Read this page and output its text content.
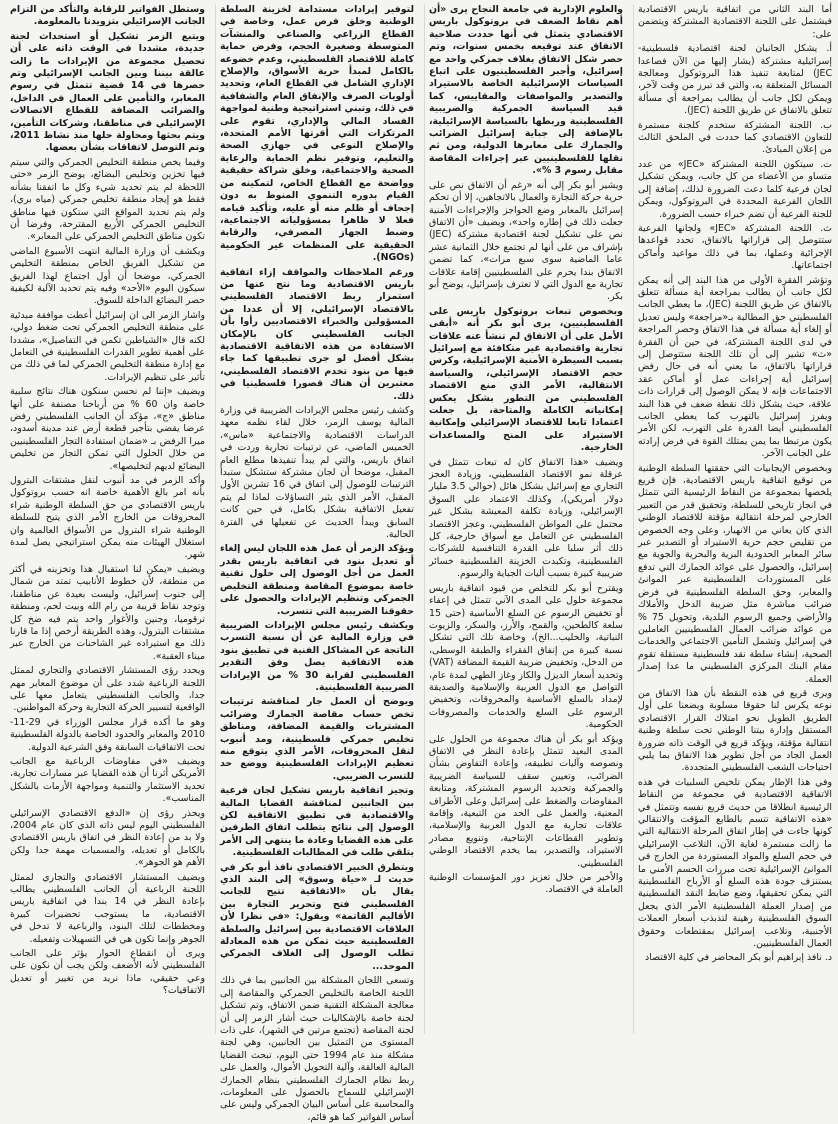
أما البند الثاني من اتفاقية باريس الاقتصادية فيشتمل على اللجنة الاقتصادية المشتركة ويتضمن على:

أ. يشكل الجانبان لجنة اقتصادية فلسطينية-إسرائيلية مشتركة (يشار إليها من الآن فصاعدا JEC) لمتابعة تنفيذ هذا البروتوكول ومعالجة المسائل المتعلقة به، والتي قد تبرز من وقت لآخر، ويمكن لكل جانب أن يطالب بمراجعة أي مسألة تتعلق بالاتفاق عن طريق اللجنة (JEC).

ب. اللجنة المشتركة ستخدم كلجنة مستمرة للتعاون الاقتصادي كما حددت في الملحق الثالث من إعلان المبادئ.

ت. سيتكون اللجنة المشتركة «JEC» من عدد متساو من الأعضاء من كل جانب، ويمكن تشكيل لجان فرعية كلما دعت الضرورة لذلك، إضافة إلى اللجان الفرعية المحددة في البروتوكول، ويمكن للجنة الفرعية أن تضم خبراء حسب الضرورة.

ث. اللجنة المشتركة «JEC» ولجانها الفرعية ستتوصل إلى قراراتها بالاتفاق، تحدد قواعدها الإجرائية وعملها، بما في ذلك مواعيد وأماكن اجتماعاتها.

وتؤشر الفقرة الأولى من هذا البند إلى أنه يمكن لكل جانب أن يطالب بمراجعة أية مسألة تتعلق بالاتفاق عن طريق اللجنة (JEC)، ما يعطي الجانب الفلسطيني حق المطالبة بـ«مراجعة» وليس تعديل أو إلغاء أية مسألة في هذا الاتفاق وحصر المراجعة في لدى اللجنة المشتركة، في حين أن الفقرة «ث» تشير إلى أن تلك اللجنة ستتوصل إلى قراراتها بالاتفاق، ما يعني أنه في حال رفض إسرائيل أية إجراءات عمل أو أماكن عقد الاجتماعات فإنه لا يمكن الوصول إلى قرارات ذات علاقة، حيث يشكل ذلك نقطة ضعف في هذا البند ويفرز إسرائيل بالتهرب كما يعطي الجانب الفلسطيني أيضا القدرة على التهرب، لكن الأمر يكون مرتبطا بما يمن يمتلك القوة في فرض إرادته على الجانب الآخر.

وبخصوص الإيجابيات التي حققتها السلطة الوطنية من توقيع اتفاقية باريس الاقتصادية، فإن قريع يلخصها بمجموعة من النقاط الرئيسية التي تتمثل في انجاز تاريخي للسلطة، وتحقيق قدر من التعبير الخارجي لمرحلة انتقالية مؤقتة للاقتصاد الوطني الذي كان يعاني من الانهيار، وعلى وجه الخصوص من تقليص حجم حرية الاستيراد أو التصدير عبر سائر المعابر الحدودية البرية والبحرية والجوية مع إسرائيل، والحصول على عوائد الجمارك التي تدفع على المستوردات الفلسطينية عبر الموانئ والمعابر، وحق السلطة الفلسطينية في فرض ضرائب مباشرة مثل ضريبة الدخل والأملاك والأراضي وجميع الرسوم البلدية، وتحويل 75 % من عوائد ضرائب العمال الفلسطينيين العاملين في إسرائيل وتشمل التأمين الاجتماعي والخدمات الصحية، إنشاء سلطة نقد فلسطينية مستقلة تقوم مقام البنك المركزي الفلسطيني ما عدا إصدار العملة.

ويرى قريع في هذه النقطة بأن هذا الاتفاق من نوعه يكرس لنا حقوقا مسلوبة ويضعنا على أول الطريق الطويل نحو امتلاك القرار الاقتصادي المستقل وإدارة بيتنا الوطني تحت سلطة وطنية انتقالية مؤقتة، ويؤكد قريع في الوقت ذاته ضرورة العمل الجاد من أجل تطوير هذا الاتفاق بما يلبي احتياجات الشعب الفلسطيني المتجددة.

وفي هذا الإطار يمكن تلخيص السلبيات في هذه الاتفاقية الاقتصادية في مجموعة من النقاط الرئيسية انطلاقا من حديث قريع نفسه وتتمثل في «هذه الاتفاقية تتسم بالطابع المؤقت والانتقالي كونها جاءت في إطار اتفاق المرحلة الانتقالية التي ما زالت مستمرة لغاية الآن، التلاعب الإسرائيلي في حجم السلع والمواد المستوردة من الخارج في الموانئ الإسرائيلية تحت مبررات الحسم الأمني ما يستنزف جودة هذه السلع أو الأرباح الفلسطينية التي يمكن تحقيقها، وضع ضابط النقد الفلسطينية من إصدار العملة الفلسطينية الأمر الذي يجعل السوق الفلسطينية رهينة لتذبذب أسعار العملات الأجنبية، وتلاعب إسرائيل بمقتطعات وحقوق العمال الفلسطينيين.

د. نافذ إبراهيم أبو بكر المحاضر في كلية الاقتصاد

والعلوم الإدارية في جامعة النجاح يرى «أن أهم نقاط الضعف في بروتوكول باريس الاقتصادي يتمثل في أنها حددت صلاحية الاتفاق عند توقيعه بخمس سنوات، وتم حصر شكل الاتفاق بغلاف جمركي واحد مع إسرائيل، وأجبر الفلسطينيون على اتباع السياسات الإسرائيلية الخاصة بالاستيراد والتصدير والمواصفات والمقاييس، كما قيد السياسة الجمركية والضريبية الفلسطينية وربطها بالسياسة الإسرائيلية، بالإضافة إلى جباية إسرائيل الضرائب والجمارك على معابرها الدولية، ومن ثم نقلها للفلسطينيين عبر إجراءات المقاصة مقابل رسوم 3 %».

ويشير أبو بكر إلى أنه «رغم أن الاتفاق نص على حرية حركة التجارة والعمال بالاتجاهين، إلا أن تحكم إسرائيل بالمعابر وضع الحواجز والإجراءات الأمنية جعلت ذلك في إطاره واحد»، ويضيف «أن الاتفاق نص على تشكيل لجنة اقتصادية مشتركة (JEC) بإشراف من على أنها لم تجتمع خلال الثمانية عشر عاما الماضية سوى سبع مرات»، كما تضمن الاتفاق بندا يحرم على الفلسطينيين إقامة علاقات تجارية مع الدول التي لا تعترف بإسرائيل، يوضح أبو بكر.

وبخصوص تبعات بروتوكول باريس على الفلسطينيين، يرى أبو بكر أنه «أبقى الأمل على أن الاتفاق لم تنشأ عنه علاقات تجارية واقتصادية غير متكافئة مع إسرائيل بسبب السيطرة الأمنية الإسرائيلية، وكرس حجم الاقتصاد الإسرائيلي، والسياسة الانتقالية، الأمر الذي منع الاقتصاد الفلسطيني من التطور بشكل يعكس إمكانياته الكاملة والمتاحة، بل جعلت اعتمادا تابعا للاقتصاد الإسرائيلي وإمكانية الاستيراد على المنح والمساعدات الخارجية.

ويضيف «هذا الاتفاق كان له تبعات تتمثل في عرقلة نمو الاقتصاد الفلسطيني، وزيادة العجز التجاري مع إسرائيل بشكل هائل (حوالي 3.5 مليار دولار أمريكي)، وكذلك الاعتماد على السوق الإسرائيلي، وزيادة تكلفة المعيشة بشكل غير محتمل على المواطن الفلسطيني، وعجز الاقتصاد الفلسطيني عن التعامل مع أسواق خارجية، كل ذلك أثر سلبا على القدرة التنافسية للشركات الفلسطينية، وتكبدت الخزينة الفلسطينية خسائر ضريبية كبيرة بسبب أليات الجباية والرسوم.

ويقترح أبو بكر للتخلص من قيود اتفاقية باريس مجموعة حلول على المدى الآني تتمثل في إعفاء أو تخفيض الرسوم عن السلع الأساسية (حتى 15 سلعة كالطحين، والقمح، والأرز، والسكر، والزيوت النباتية، والحليب...الخ)، وخاصة تلك التي تشكل نسبة كبيرة من إنفاق الفقراء والطبقة الوسطى، من الدخل، وتخفيض ضريبة القيمة المضافة (VAT) وتحديد أسعار الديزل والكاز وغاز الطهي لمدة عام، التواصل مع الدول العربية والإسلامية والصديقة لإمداد بالسلع الأساسية والمحروقات، وتخفيض الرسوم على السلع والخدمات والمصروفات الحكومية.

ويؤكد أبو بكر أن هناك مجموعة من الحلول على المدى البعيد تتمثل بإعادة النظر في الاتفاق ونصوصه وآليات تطبيقه، وإعادة التفاوض بشأن الضرائب، وتعيين سقف للسياسة الضريبية والجمركية وتحديد الرسوم المشتركة، ومتابعة المفاوضات والضغط على إسرائيل وعلى الأطراف المعنية، والعمل على الحد من التبعية، وإقامة علاقات تجارية مع الدول العربية والإسلامية، وتطوير القطاعات الإنتاجية، وتنويع مصادر الاستيراد، والتصدير، بما يخدم الاقتصاد الوطني الفلسطيني.

والأخير من خلال تعزيز دور المؤسسات الوطنية العاملة في الاقتصاد.

لتوفير إيرادات مستدامة لخزينة السلطة الوطنية وخلق فرص عمل، وخاصة في القطاع الزراعي والصناعي والمنشآت المتوسطة وصغيرة الحجم، وفرض حماية كاملة للاقتصاد الفلسطيني، وعدم خضوعه بالكامل لمبدأ حرية الأسواق، والإصلاح الإداري الشامل في القطاع العام، وتحديد أولويات الصرف والإنفاق العام والشفافية في ذلك، وتبني استراتيجية وطنية لمواجهة الفساد المالي والإداري، تقوم على المرتكزات التي أقرتها الأمم المتحدة، والإصلاح النوعي في جهازي الصحة والتعليم، وتوفير نظم الحماية والرعاية الصحية والاجتماعية، وخلق شراكة حقيقية وواضحة مع القطاع الخاص، لتمكينه من القيام بدوره التنموي المنوط به دون إجحاف أو ظلم منه أو عليه، وتأكيد قيامه فعلا لا ظاهرا بمسؤولياته الاجتماعية، وضبط الجهاز المصرفي، والرقابة الحقيقية على المنظمات غير الحكومية (NGOs).

ورغم الملاحظات والمواقف إزاء اتفاقية باريس الاقتصادية وما نتج عنها من استمرار ربط الاقتصاد الفلسطيني بالاقتصاد الإسرائيلي، إلا أن عددا من المسؤولين والخبراء الاقتصاديين رأوا بأن الجانب الفلسطيني كان بالإمكان الاستفادة من هذه الاتفاقية الاقتصادية بشكل أفضل لو جرى تطبيقها كما جاء فيها من بنود تخدم الاقتصاد الفلسطيني، معتبرين أن هناك قصورا فلسطينيا في ذلك.

وكشف رئيس مجلس الإيرادات الضريبية في وزارة المالية يوسف الزمر، خلال لقاء نظمه معهد الدراسات الاقتصادية والاجتماعية «ماس»، الخميس الماضي، عن ترتيبات تجارية وردت في اتفاق باريس، والتي لم يبدأ تنفيذها مطلع العام المقبل، موضحا أن لجان مشتركة ستشكل ستبدأ الترتيبات للوصول إلى اتفاق في 16 تشرين الأول المقبل، الأمر الذي يثير التساؤلات لماذا لم يتم تفعيل الاتفاقية بشكل بكامل، في حين كانت السابق ويبدأ الحديث عن تفعيلها في الفترة الحالية.

ويؤكد الزمر أن عمل هذه اللجان ليس إلغاء أو تعديل بنود في اتفاقية باريس بقدر العمل من أجل الوصول إلى حلول تقنية خاصة بموضوع المقاصة ومنطقة التخليص الجمركي وتنظيم الإيرادات والحصول على حقوقنا الضريبية التي تتسرب.

ويكشف رئيس مجلس الإيرادات الضريبية في وزارة المالية عن أن نسبة التسرب الناتجة عن المشاكل الفنية في تطبيق بنود هذه الاتفاقية يصل وفق التقدير الفلسطيني لقرابة 30 % من الإيرادات الضريبية الفلسطينية.

ويوضح أن العمل جار لمناقشة ترتيبات تخص حساب مقاصة الجمارك وضرائب المشتريات والقيمة المضافة، ومناطق تخليص جمركي فلسطينية، ومد أنبوب لنقل المحروقات، الأمر الذي يتوقع منه تعظيم الإيرادات الفلسطينية ووضع حد للتسرب الضريبي.

وتجيز اتفاقية باريس تشكيل لجان فرعية بين الجانبين لمناقشة القضايا المالية والاقتصادية في تطبيق الاتفاقية لكن الوصول إلى نتائج يتطلب اتفاق الطرفين على هذه القضايا وعادة ما ينتهي إلى الأمر بتلقي طلب في المطالبات الفلسطينية.

ويتطرق الخبير الاقتصادي نافذ أبو بكر في حديث لـ «حياة وسوق» إلى البند الذي يقال بأن «الاتفاقية تتيح للجانب الفلسطيني فتح وتحرير التجارة بين الأقاليم القاتمة» ويقول: «في نظرا لأن العلاقات الاقتصادية بين إسرائيل والسلطة الفلسطينية حيث تمكن من هذه المعادلة تطلب الوصول إلى الغلاف الجمركي الموحد...

وتسعى اللجان المشكلة بين الجانبين بما في ذلك اللجنة الخاصة بالتخليص الجمركي والمقاصة إلى معالجة المشكلة التقنية ضمن الاتفاق، وتم تشكيل لجنة خاصة بالإشكاليات حيث أشار الزمر إلى أن لجنة المقاصة (تجتمع مرتين في الشهر)، على ذات المستوى من التمثيل بين الجانبين، وهي لجنة مشكلة منذ عام 1994 حتى اليوم، تبحث القضايا المالية العالقة، وآلية التحويل الأموال، والعمل على ربط نظام الجمارك الفلسطيني بنظام الجمارك الإسرائيلي للسماح بالحصول على المعلومات، والمحاسبة على أساس البيان الجمركي وليس على أساس الفواتير كما هو قائم،

وستطل الفواتير للرقابة والتأكد من التزام الجانب الإسرائيلي بتزويدنا بالمعلومة.

ويتبع الزمر تشكيل أو استحداث لجنة جديدة، مشددا في الوقت ذاته على أن تحصيل مجموعة من الإيرادات ما زالت عالقة بيننا وبين الجانب الإسرائيلي وتم حصرها في 14 قضية تتمثل في رسوم المعابر، والتأمين على العمال في الداخل، والضرائب المضافة للقطاع الاتصالات الإسرائيلي في مناطقنا، وشركات التأمين، ويتم بحثها ومحاولة حلها منذ نشاط 2011، وتم التوصل لاتفاقات بشأن بعضها.

وفيما يخص منطقة التخليص الجمركي والتي سيتم فيها تخزين وتخليص البضائع، يوضح الزمر «حتى اللحظة لم يتم تحديد شيء وكل ما اتفقنا بشأنه فقط هو إيجاد منطقة تخليص جمركي (مياه بري)، ولم يتم تحديد المواقع التي ستكون فيها مناطق التخليص الجمركي الأربع المقترحة، وفرضا أن تكون مناطق التخليص الجمركي على المعابر».

ويكشف أن وزارة المالية انتهت الأسبوع الماضي من تشكيل الفريق الخاص بمنطقة التخليص الجمركي، موضحا أن أول اجتماع لهذا الفريق سيكون اليوم «الأحد» وفيه يتم تحديد الآلية لكيفية حصر البضائع الداخلة للسوق.

واشار الزمر الى ان إسرائيل أعطت موافقة مبدئية على منطقة التخليص الجمركي تحت ضغط دولي، لكنه قال «الشياطين تكمن في التفاصيل»، مشددا على أهمية تطوير القدرات الفلسطينية في التعامل مع إدارة منطقة التخليص الجمركي لما في ذلك من تأثير على تنظيم الإيرادات.

ويضيف «إننا لم نحسن سنكون هناك نتائج سلبية خاصة وان 60 % من أرباحنا مصنفة على أنها مناطق «ج»، مؤكد أن الجانب الفلسطيني رفض عرضا يقضي بتأجير قطعة أرض عند مدينة أسدود، ميرا الرفض بـ «ضمان استفادة التجار الفلسطينيين من خلال الحلول التي تمكن التجار من تخليص البضائع لديهم لتخليصها».

وأكد الزمر في مد أنبوب لنقل مشتقات البترول بأنه امر بالغ الأهمية خاصة انه حسب بروتوكول باريس الاقتصادي من حق السلطة الوطنية شراء المحروقات من الخارج الأمر الذي يتيح للسلطة الوطنية شراء البترول من الأسواق العالمية وان استغلال الهيئات منه يمكن استراتيجي يصل لمدة شهر.

ويضيف «يمكن لنا استقبال هذا وتخزينه في أكثر من منطقة، لأن خطوط الأنابيب تمتد من شمال إلى جنوب إسرائيل، وليست بعيدة عن مناطقنا، وتوجد نقاط قريبة من رام الله وبيت لحم، ومنطقة ترقوميا، وجنين والأغوار واحد يتم فيه ضخ كل مشتقات البترول، وهذه الطريقة أرخص إذا ما قارنا ذلك مع استيراده غير الشاحنات من الخارج عبر ميناء العقبة».

ويحدد رؤى المستشار الاقتصادي والتجاري لممثل اللجنة الرباعية شدد على أن موضوع المعابر مهم جدا، والجانب الفلسطيني يتعامل معها على الواقعية لتسيير الحركة التجارية وحركة المواطنين.

وهو ما أكده قرار مجلس الوزراء في 29-11-2010 والمعابر والحدود الخاصة بالدولة الفلسطينية تحت الاتفاقيات السابقة وفق الشرعية الدولية.

ويضيف «في مفاوضات الرباعية مع الجانب الأمريكي أثرنا أن هذه القضايا عبر مسارات تجارية، تحديد الاستثمار والتنمية ومواجهة الأزمات بالشكل المناسب».

ويحذر رؤى إن «الدفع الاقتصادي الإسرائيلي الفلسطيني اليوم ليس ذاته الذي كان عام 2004، ولا بد من إعادة النظر في اتفاق باريس الاقتصادي بالكامل أو تعديله، والمسميات مهمة جدا ولكن الأهم هو الجوهر».

ويضيف المستشار الاقتصادي والتجاري لممثل اللجنة الرباعية أن الجانب الفلسطيني يطالب بإعادة النظر في 14 بندا في اتفاقية باريس الاقتصادية، ما يستوجب تحضيرات كبيرة ومخططات لتلك البنود، والرباعية لا تدخل في الجوهر وإنما تكون هي في التسهيلات وتفعيله.

ويرى أن انقطاع الحوار يؤثر على الجانب الفلسطيني لأنه الأضعف ولكن يجب أن نكون على وعي حقيقي، ماذا نريد من تغيير أو تعديل الاتفاقيات؟
